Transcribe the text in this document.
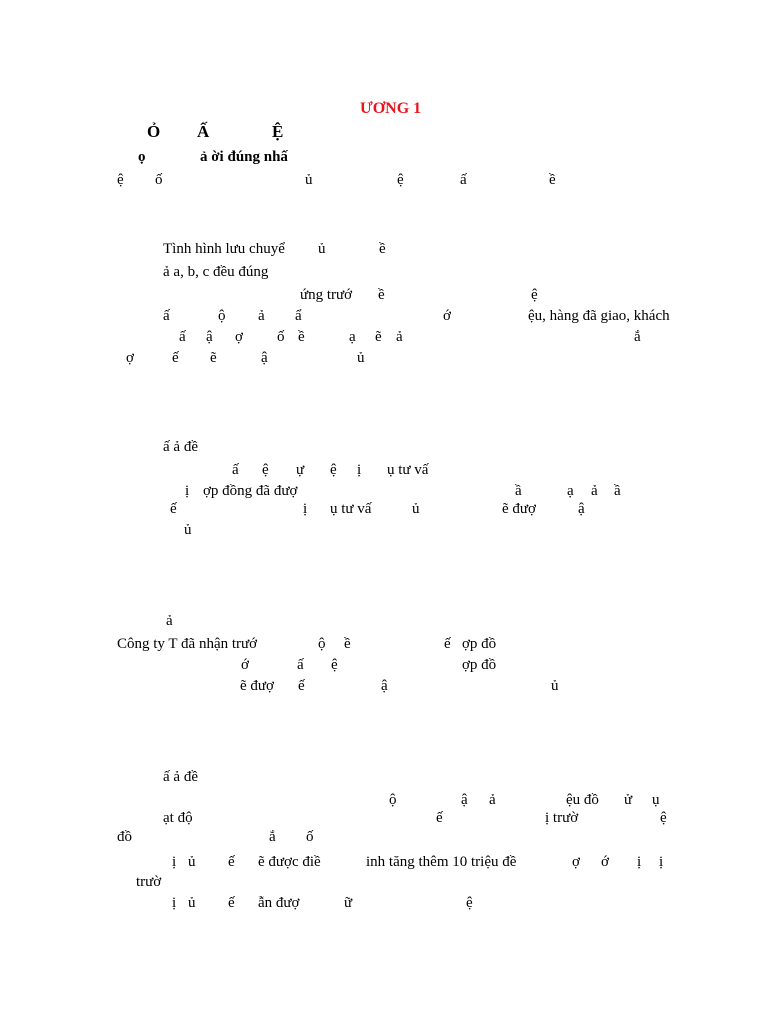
ƯƠNG 1
Ỏ Ấ	Ệ
ọ	ả ời đúng nhấ
ệ ố	ủ	ệ	ấ	ề
Tình hình lưu chuyể ủ	ề
ả a, b, c đều đúng
ứng trướ ề	ệ
ấ	ộ ả ẩ	ớ	ệu, hàng đã giao, khách
ấ ậ ợ ố ề	ạ ẽ ả	ắ
ợ	ế ẽ	ậ	ủ
ấ ả đề
ấ ệ ự ệ ị ụ tư vấ
ị ợp đồng đã đượ	ầ	ạ ả ầ
ế	ị ụ tư vấ	ủ	ẽ đượ	ậ
ủ
ả
Công ty T đã nhận trướ	ộ ề	ế ợp đồ
ớ	ấ ệ	ợp đồ
ẽ đượ ế	ậ	ủ
ấ ả đề
ộ	ậ ả	ệu đồ ử ụ
ạt độ	ế	ị trườ	ệ
đồ	ắ ố
ị ủ ế ẽ được điề	inh tăng thêm 10 triệu đề	ợ ớ ị ị
trườ
ị ủ ế ẫn đượ	ữ	ệ
